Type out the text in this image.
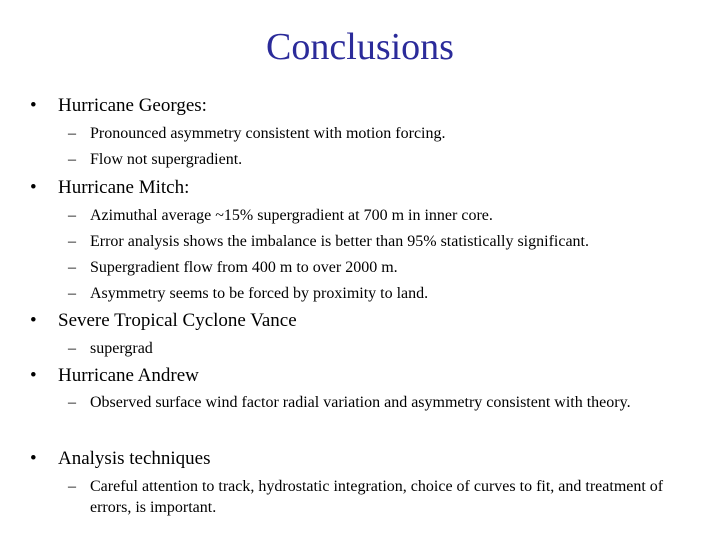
Conclusions
• Hurricane Georges:
– Pronounced asymmetry consistent with motion forcing.
– Flow not supergradient.
• Hurricane Mitch:
– Azimuthal average ~15% supergradient at 700 m in inner core.
– Error analysis shows the imbalance is better than 95% statistically significant.
– Supergradient flow from 400 m to over 2000 m.
– Asymmetry seems to be forced by proximity to land.
• Severe Tropical Cyclone Vance
– supergrad
• Hurricane Andrew
– Observed surface wind factor radial variation and asymmetry consistent with theory.
• Analysis techniques
– Careful attention to track, hydrostatic integration, choice of curves to fit, and treatment of errors, is important.
